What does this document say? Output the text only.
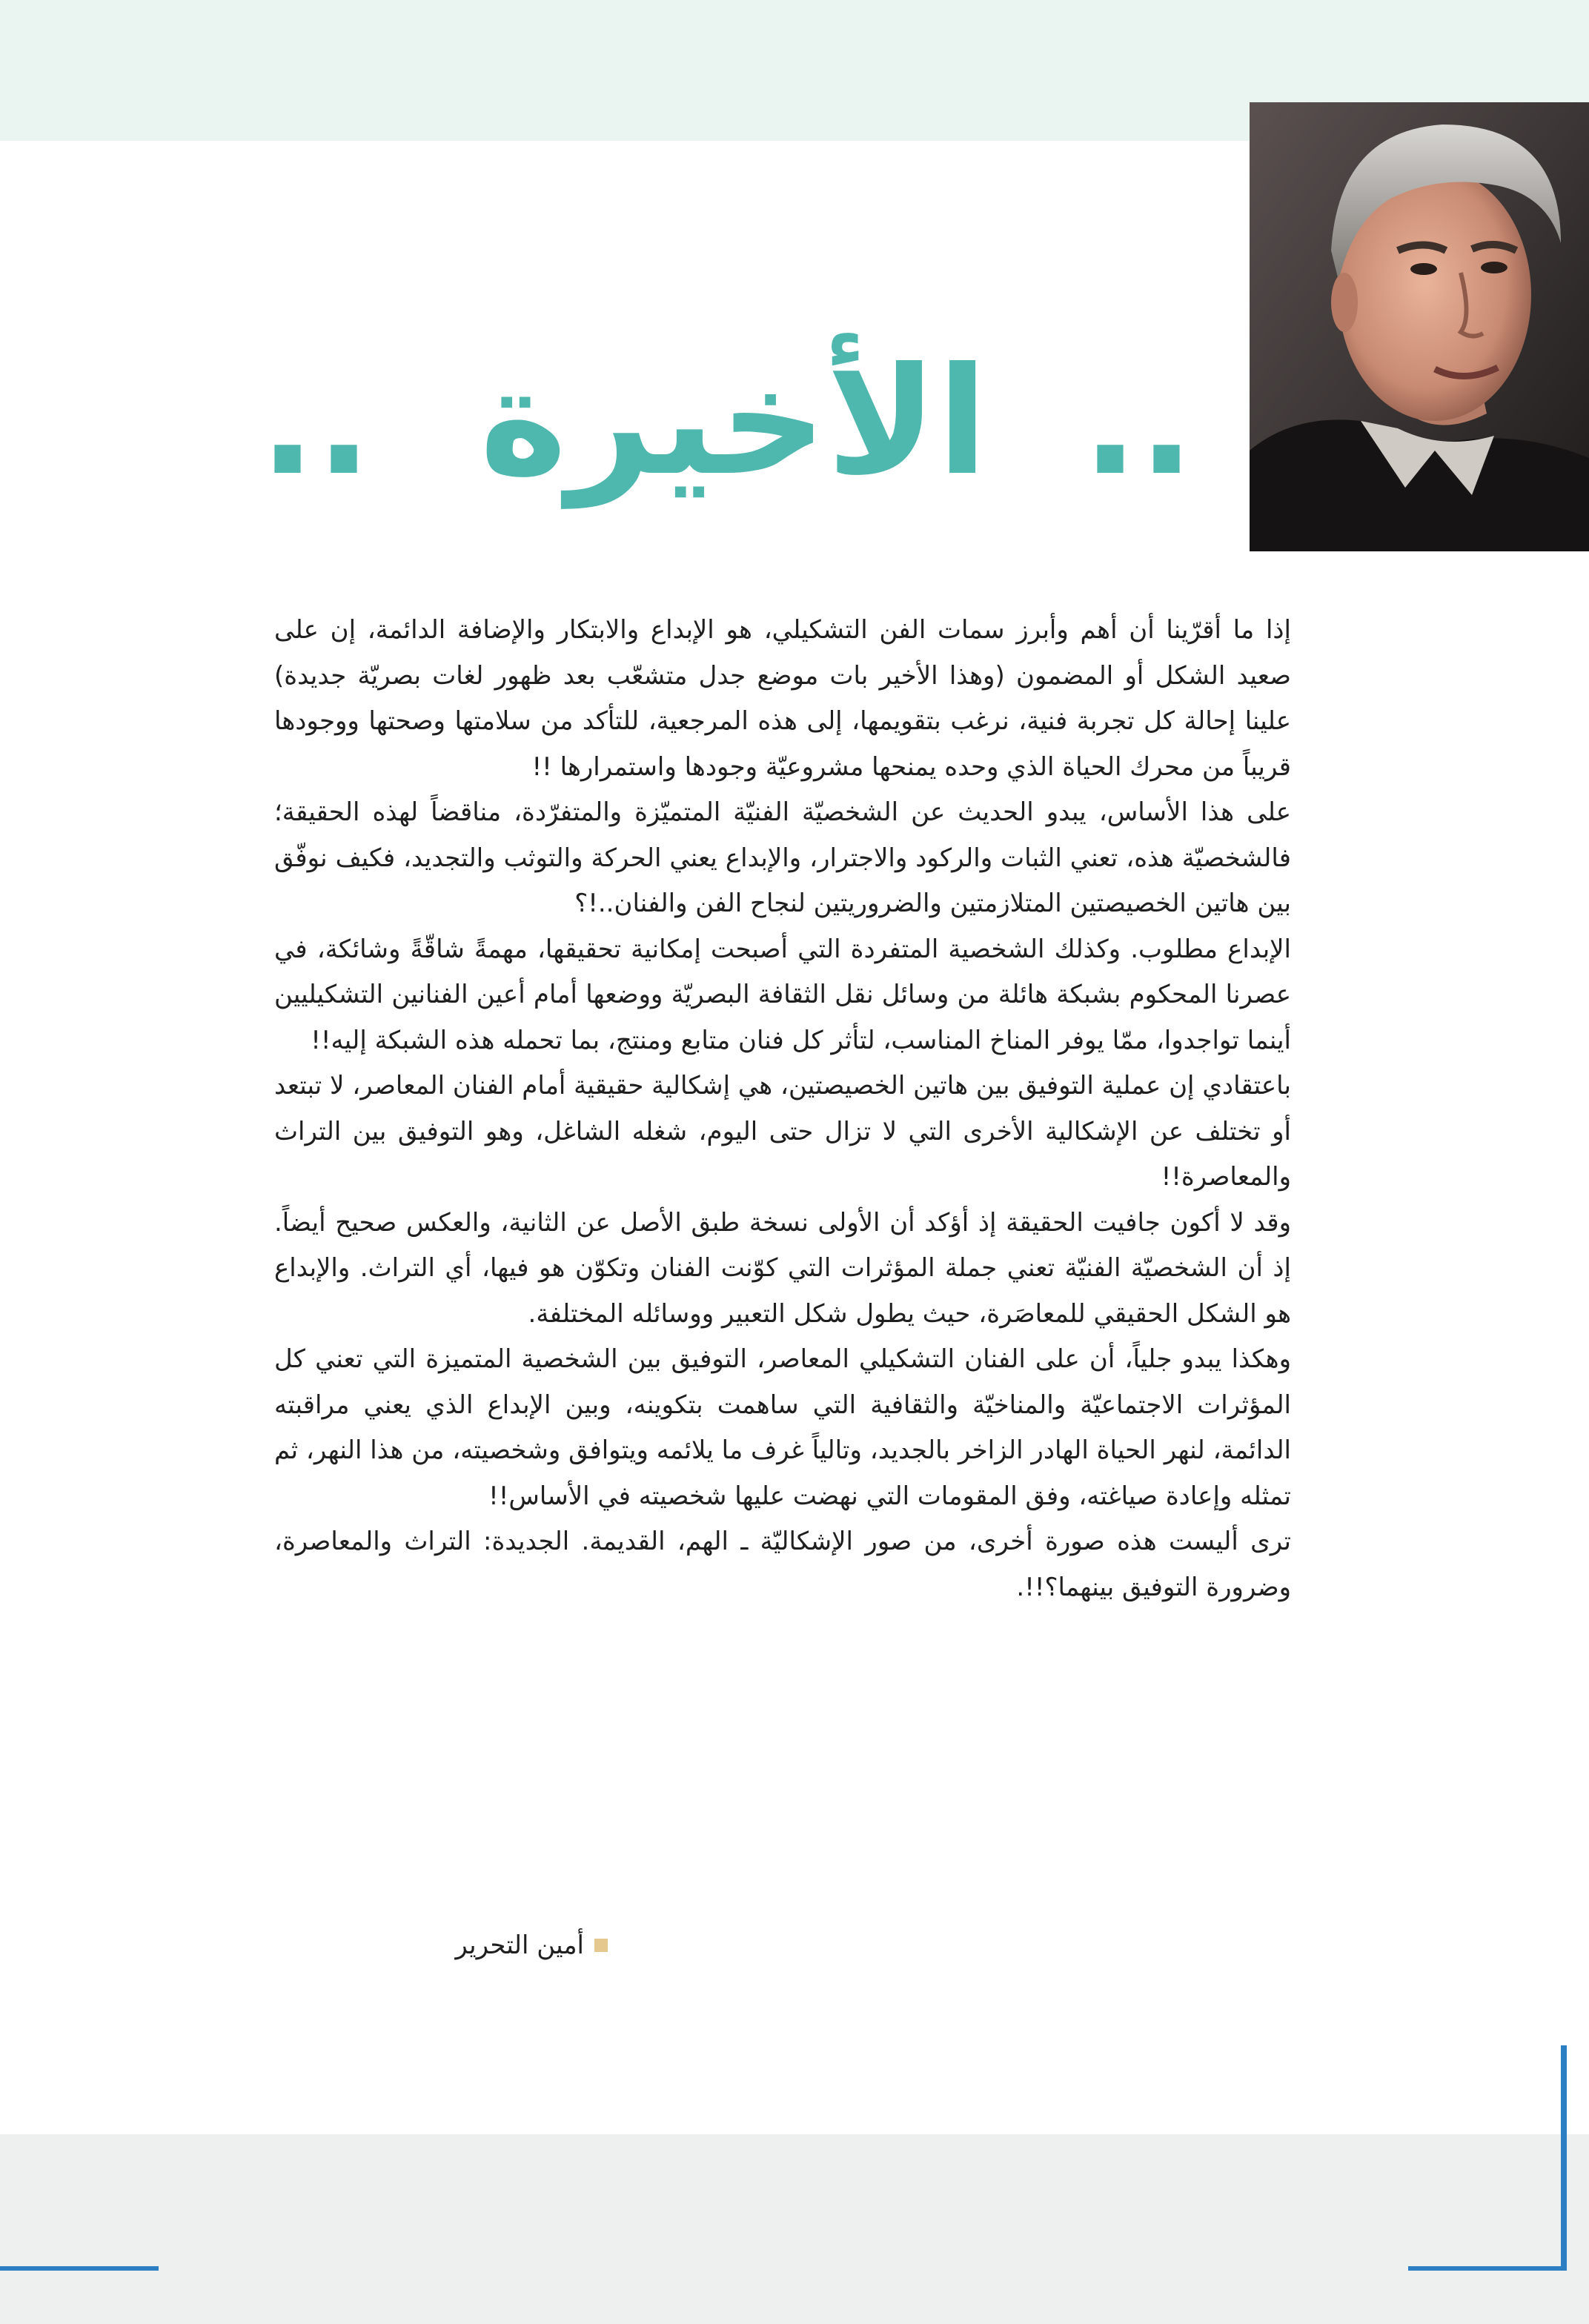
.. الأخيرة ..

إذا ما أقرّينا أن أهم وأبرز سمات الفن التشكيلي، هو الإبداع والابتكار والإضافة الدائمة، إن على صعيد الشكل أو المضمون (وهذا الأخير بات موضع جدل متشعّب بعد ظهور لغات بصريّة جديدة) علينا إحالة كل تجربة فنية، نرغب بتقويمها، إلى هذه المرجعية، للتأكد من سلامتها وصحتها ووجودها قريباً من محرك الحياة الذي وحده يمنحها مشروعيّة وجودها واستمرارها !!

على هذا الأساس، يبدو الحديث عن الشخصيّة الفنيّة المتميّزة والمتفرّدة، مناقضاً لهذه الحقيقة؛ فالشخصيّة هذه، تعني الثبات والركود والاجترار، والإبداع يعني الحركة والتوثب والتجديد، فكيف نوفّق بين هاتين الخصيصتين المتلازمتين والضروريتين لنجاح الفن والفنان..!؟

الإبداع مطلوب. وكذلك الشخصية المتفردة التي أصبحت إمكانية تحقيقها، مهمةً شاقّةً وشائكة، في عصرنا المحكوم بشبكة هائلة من وسائل نقل الثقافة البصريّة ووضعها أمام أعين الفنانين التشكيليين أينما تواجدوا، ممّا يوفر المناخ المناسب، لتأثر كل فنان متابع ومنتج، بما تحمله هذه الشبكة إليه!!

باعتقادي إن عملية التوفيق بين هاتين الخصيصتين، هي إشكالية حقيقية أمام الفنان المعاصر، لا تبتعد أو تختلف عن الإشكالية الأخرى التي لا تزال حتى اليوم، شغله الشاغل، وهو التوفيق بين التراث والمعاصرة!!

وقد لا أكون جافيت الحقيقة إذ أؤكد أن الأولى نسخة طبق الأصل عن الثانية، والعكس صحيح أيضاً. إذ أن الشخصيّة الفنيّة تعني جملة المؤثرات التي كوّنت الفنان وتكوّن هو فيها، أي التراث. والإبداع هو الشكل الحقيقي للمعاصَرة، حيث يطول شكل التعبير ووسائله المختلفة.

وهكذا يبدو جلياً، أن على الفنان التشكيلي المعاصر، التوفيق بين الشخصية المتميزة التي تعني كل المؤثرات الاجتماعيّة والمناخيّة والثقافية التي ساهمت بتكوينه، وبين الإبداع الذي يعني مراقبته الدائمة، لنهر الحياة الهادر الزاخر بالجديد، وتالياً غرف ما يلائمه ويتوافق وشخصيته، من هذا النهر، ثم تمثله وإعادة صياغته، وفق المقومات التي نهضت عليها شخصيته في الأساس!!

ترى أليست هذه صورة أخرى، من صور الإشكاليّة ـ الهم، القديمة. الجديدة: التراث والمعاصرة، وضرورة التوفيق بينهما؟!!.

أمين التحرير
